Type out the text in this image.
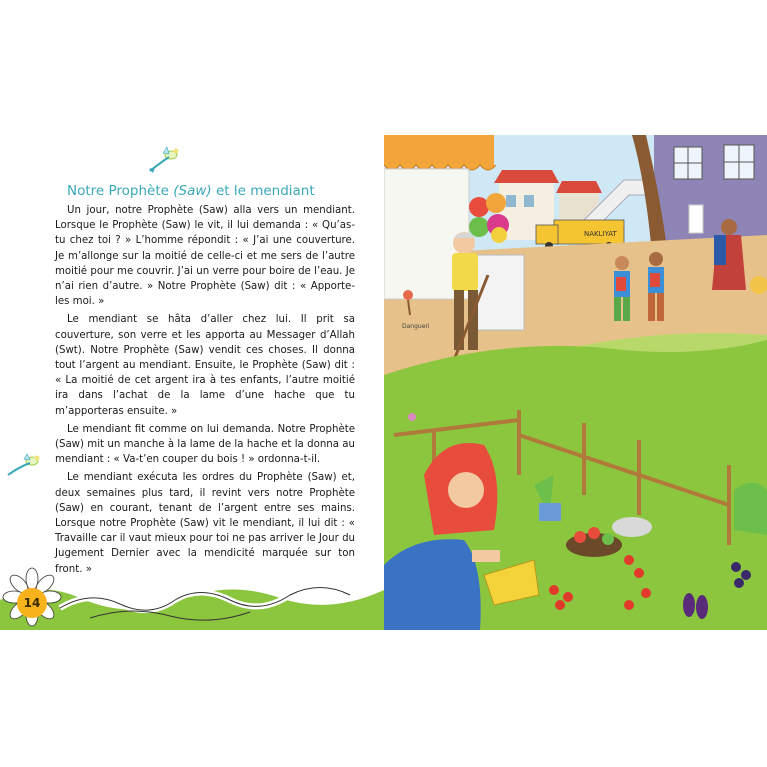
Notre Prophète (Saw) et le mendiant

Un jour, notre Prophète (Saw) alla vers un mendiant. Lorsque le Prophète (Saw) le vit, il lui demanda : « Qu’as-tu chez toi ? » L’homme répondit : « J’ai une couverture. Je m’allonge sur la moitié de celle-ci et me sers de l’autre moitié pour me couvrir. J’ai un verre pour boire de l’eau. Je n’ai rien d’autre. » Notre Prophète (Saw) dit : « Apporte-les moi. »

Le mendiant se hâta d’aller chez lui. Il prit sa couverture, son verre et les apporta au Messager d’Allah (Swt). Notre Prophète (Saw) vendit ces choses. Il donna tout l’argent au mendiant. Ensuite, le Prophète (Saw) dit : « La moitié de cet argent ira à tes enfants, l’autre moitié ira dans l’achat de la lame d’une hache que tu m’apporteras ensuite. »

Le mendiant fit comme on lui demanda. Notre Prophète (Saw) mit un manche à la lame de la hache et la donna au mendiant : « Va-t’en couper du bois ! » ordonna-t-il.

Le mendiant exécuta les ordres du Prophète (Saw) et, deux semaines plus tard, il revint vers notre Prophète (Saw) en courant, tenant de l’argent entre ses mains. Lorsque notre Prophète (Saw) vit le mendiant, il lui dit : « Travaille car il vaut mieux pour toi ne pas arriver le Jour du Jugement Dernier avec la mendicité marquée sur ton front. »

14
NAKLIYAT
Dangueri
